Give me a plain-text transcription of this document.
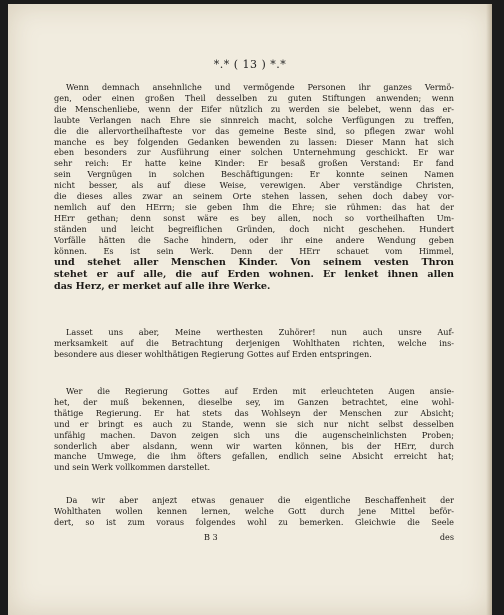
*.* ( 13 ) *.*
Wenn demnach ansehnliche und vermögende Personen ihr ganzes Vermö-
gen, oder einen großen Theil desselben zu guten Stiftungen anwenden; wenn
die Menschenliebe, wenn der Eifer nützlich zu werden sie belebet, wenn das er-
laubte Verlangen nach Ehre sie sinnreich macht, solche Verfügungen zu treffen,
die die allervortheilhafteste vor das gemeine Beste sind, so pflegen zwar wohl
manche es bey folgenden Gedanken bewenden zu lassen: Dieser Mann hat sich
eben besonders zur Ausführung einer solchen Unternehmung geschickt. Er war
sehr reich: Er hatte keine Kinder: Er besaß großen Verstand: Er fand
sein Vergnügen in solchen Beschäftigungen: Er konnte seinen Namen
nicht besser, als auf diese Weise, verewigen. Aber verständige Christen,
die dieses alles zwar an seinem Orte stehen lassen, sehen doch dabey vor-
nemlich auf den HErrn; sie geben Ihm die Ehre; sie rühmen: das hat der
HErr gethan; denn sonst wäre es bey allen, noch so vortheilhaften Um-
ständen und leicht begreiflichen Gründen, doch nicht geschehen. Hundert
Vorfälle hätten die Sache hindern, oder ihr eine andere Wendung geben
können. Es ist sein Werk. Denn der HErr schauet vom Himmel,
und stehet aller Menschen Kinder. Von seinem vesten Thron
stehet er auf alle, die auf Erden wohnen. Er lenket ihnen allen
das Herz, er merket auf alle ihre Werke.
Lasset uns aber, Meine werthesten Zuhörer! nun auch unsre Auf-
merksamkeit auf die Betrachtung derjenigen Wohlthaten richten, welche ins-
besondere aus dieser wohlthätigen Regierung Gottes auf Erden entspringen.
Wer die Regierung Gottes auf Erden mit erleuchteten Augen ansie-
het, der muß bekennen, dieselbe sey, im Ganzen betrachtet, eine wohl-
thätige Regierung. Er hat stets das Wohlseyn der Menschen zur Absicht;
und er bringt es auch zu Stande, wenn sie sich nur nicht selbst desselben
unfähig machen. Davon zeigen sich uns die augenscheinlichsten Proben;
sonderlich aber alsdann, wenn wir warten können, bis der HErr, durch
manche Umwege, die ihm öfters gefallen, endlich seine Absicht erreicht hat;
und sein Werk vollkommen darstellet.
Da wir aber anjezt etwas genauer die eigentliche Beschaffenheit der
Wohlthaten wollen kennen lernen, welche Gott durch jene Mittel beför-
dert, so ist zum voraus folgendes wohl zu bemerken. Gleichwie die Seele
B 3	des
